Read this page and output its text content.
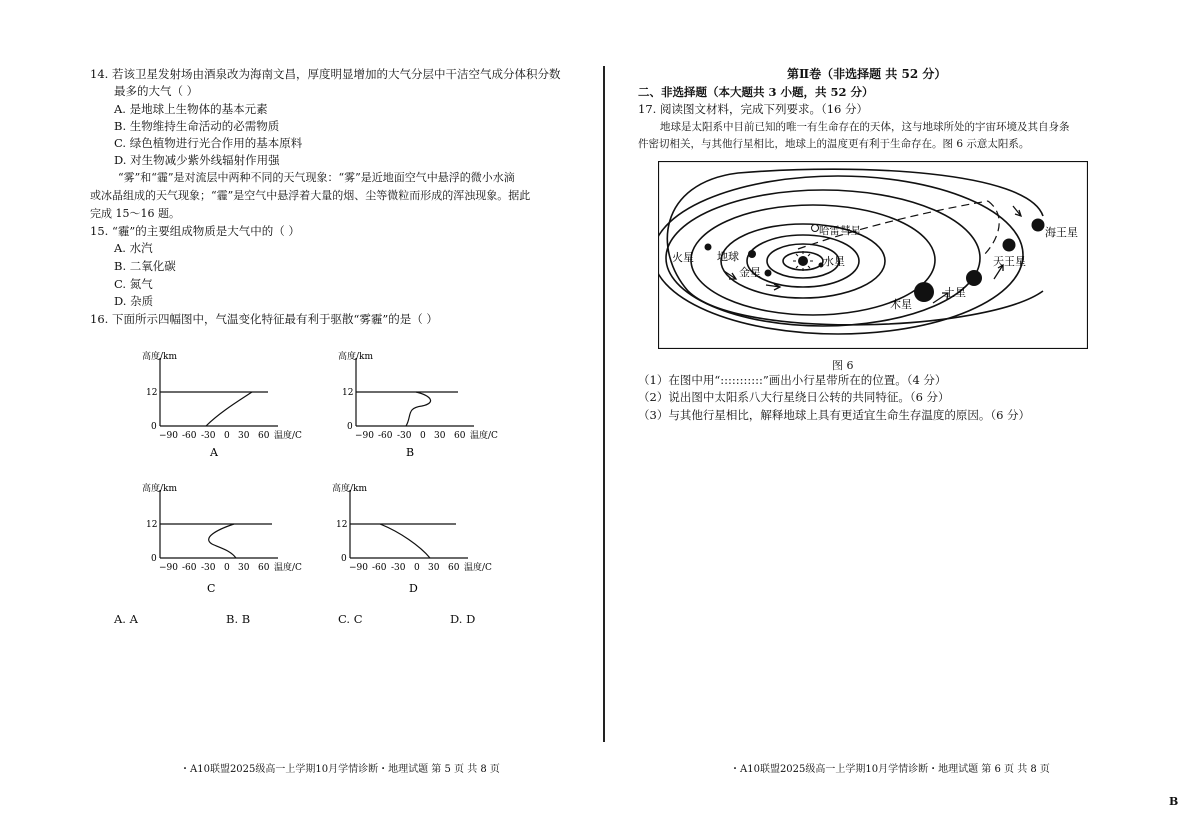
14. 若该卫星发射场由酒泉改为海南文昌，厚度明显增加的大气分层中干洁空气成分体积分数
最多的大气（ ）
A. 是地球上生物体的基本元素
B. 生物维持生命活动的必需物质
C. 绿色植物进行光合作用的基本原料
D. 对生物减少紫外线辐射作用强
“雾”和“霾”是对流层中两种不同的天气现象：“雾”是近地面空气中悬浮的微小水滴
或冰晶组成的天气现象；“霾”是空气中悬浮着大量的烟、尘等微粒而形成的浑浊现象。据此
完成 15～16 题。
15. “霾”的主要组成物质是大气中的（ ）
A. 水汽
B. 二氧化碳
C. 氮气
D. 杂质
16. 下面所示四幅图中，气温变化特征最有利于驱散“雾霾”的是（ ）
高度/km
12
0
−90 -60 -30 0 30 60 温度/C
A
高度/km
12
0
−90 -60 -30 0 30 60 温度/C
B
高度/km
12
0
−90 -60 -30 0 30 60 温度/C
C
高度/km
12
0
−90 -60 -30 0 30 60 温度/C
D
A. A	B. B	C. C	D. D
・A10联盟2025级高一上学期10月学情诊断・地理试题 第 5 页 共 8 页
第Ⅱ卷（非选择题 共 52 分）
二、非选择题（本大题共 3 小题，共 52 分）
17. 阅读图文材料，完成下列要求。（16 分）
地球是太阳系中目前已知的唯一有生命存在的天体，这与地球所处的宇宙环境及其自身条
件密切相关，与其他行星相比，地球上的温度更有利于生命存在。图 6 示意太阳系。
哈雷彗星
火星 地球
金星
水星
木星
土星
天王星
海王星
图 6
（1）在图中用“:::::::::::”画出小行星带所在的位置。（4 分）
（2）说出图中太阳系八大行星绕日公转的共同特征。（6 分）
（3）与其他行星相比，解释地球上具有更适宜生命生存温度的原因。（6 分）
・A10联盟2025级高一上学期10月学情诊断・地理试题 第 6 页 共 8 页
B
